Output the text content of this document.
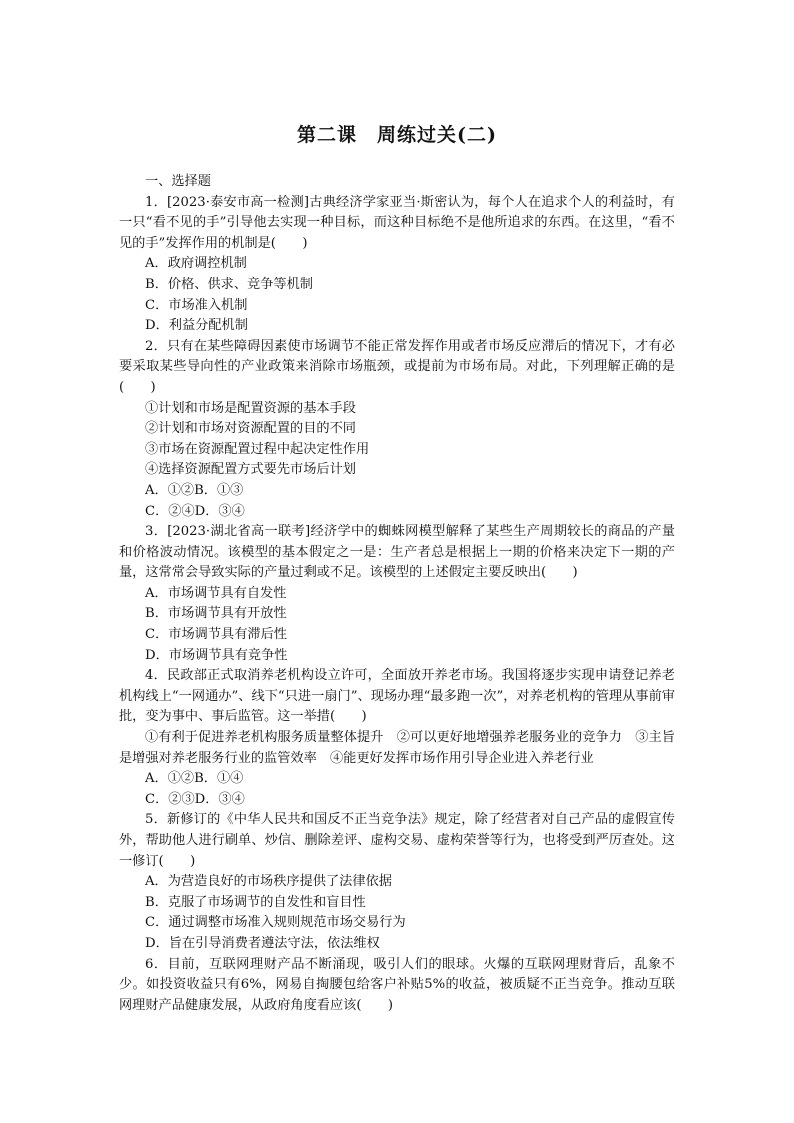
第二课　周练过关(二)

一、选择题

1．[2023·泰安市高一检测]古典经济学家亚当·斯密认为，每个人在追求个人的利益时，有一只“看不见的手”引导他去实现一种目标，而这种目标绝不是他所追求的东西。在这里，“看不见的手”发挥作用的机制是(　　)

A．政府调控机制

B．价格、供求、竞争等机制

C．市场准入机制

D．利益分配机制

2．只有在某些障碍因素使市场调节不能正常发挥作用或者市场反应滞后的情况下，才有必要采取某些导向性的产业政策来消除市场瓶颈，或提前为市场布局。对此，下列理解正确的是(　　)

①计划和市场是配置资源的基本手段

②计划和市场对资源配置的目的不同

③市场在资源配置过程中起决定性作用

④选择资源配置方式要先市场后计划

A．①②B．①③

C．②④D．③④

3．[2023·湖北省高一联考]经济学中的蜘蛛网模型解释了某些生产周期较长的商品的产量和价格波动情况。该模型的基本假定之一是：生产者总是根据上一期的价格来决定下一期的产量，这常常会导致实际的产量过剩或不足。该模型的上述假定主要反映出(　　)

A．市场调节具有自发性

B．市场调节具有开放性

C．市场调节具有滞后性

D．市场调节具有竞争性

4．民政部正式取消养老机构设立许可，全面放开养老市场。我国将逐步实现申请登记养老机构线上“一网通办”、线下“只进一扇门”、现场办理“最多跑一次”，对养老机构的管理从事前审批，变为事中、事后监管。这一举措(　　)

①有利于促进养老机构服务质量整体提升　②可以更好地增强养老服务业的竞争力　③主旨是增强对养老服务行业的监管效率　④能更好发挥市场作用引导企业进入养老行业

A．①②B．①④

C．②③D．③④

5．新修订的《中华人民共和国反不正当竞争法》规定，除了经营者对自己产品的虚假宣传外，帮助他人进行刷单、炒信、删除差评、虚构交易、虚构荣誉等行为，也将受到严厉查处。这一修订(　　)

A．为营造良好的市场秩序提供了法律依据

B．克服了市场调节的自发性和盲目性

C．通过调整市场准入规则规范市场交易行为

D．旨在引导消费者遵法守法，依法维权

6．目前，互联网理财产品不断涌现，吸引人们的眼球。火爆的互联网理财背后，乱象不少。如投资收益只有6%，网易自掏腰包给客户补贴5%的收益，被质疑不正当竞争。推动互联网理财产品健康发展，从政府角度看应该(　　)
